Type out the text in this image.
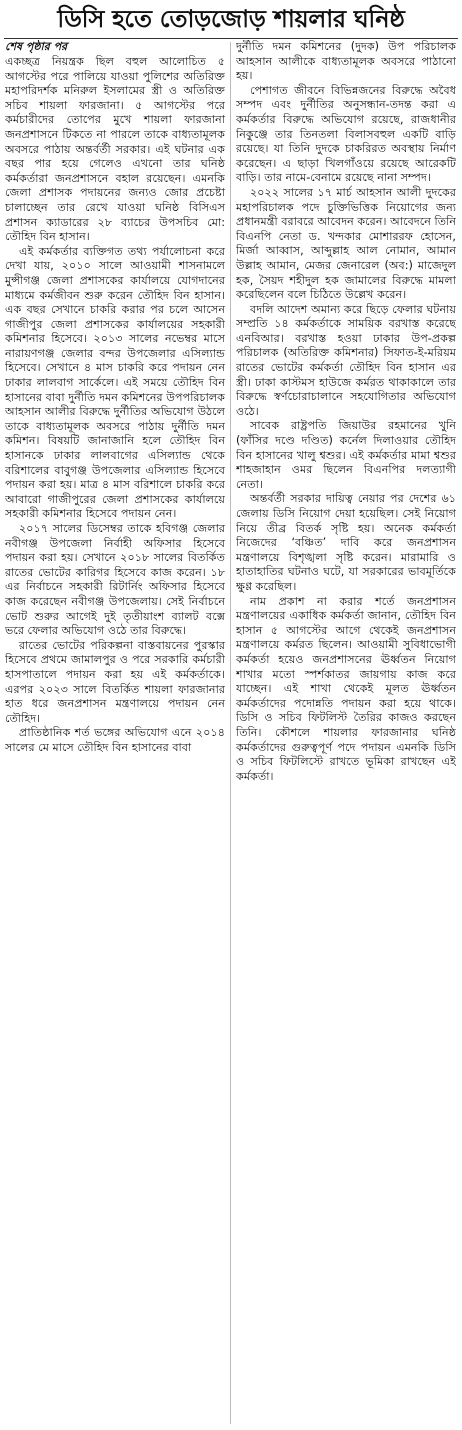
ডিসি হতে তোড়জোড় শায়লার ঘনিষ্ঠ
শেষ পৃষ্ঠার পর

একচ্ছত্র নিয়ন্ত্রক ছিল বহুল আলোচিত ৫ আগস্টের পরে পালিয়ে যাওয়া পুলিশের অতিরিক্ত মহাপরিদর্শক মনিরুল ইসলামের স্ত্রী ও অতিরিক্ত সচিব শায়লা ফারজানা। ৫ আগস্টের পরে কর্মচারীদের তোপের মুখে শায়লা ফারজানা জনপ্রশাসনে টিকতে না পারলে তাকে বাধ্যতামূলক অবসরে পাঠায় অন্তর্বর্তী সরকার। এই ঘটনার এক বছর পার হয়ে গেলেও এখনো তার ঘনিষ্ঠ কর্মকর্তারা জনপ্রশাসনে বহাল রয়েছেন। এমনকি জেলা প্রশাসক পদায়নের জন্যও জোর প্রচেষ্টা চালাচ্ছেন তার রেখে যাওয়া ঘনিষ্ঠ বিসিএস প্রশাসন ক্যাডারের ২৮ ব্যাচের উপসচিব মো: তৌহিদ বিন হাসান।

এই কর্মকর্তার ব্যক্তিগত তথ্য পর্যালোচনা করে দেখা যায়, ২০১০ সালে আওয়ামী শাসনামলে মুন্সীগঞ্জ জেলা প্রশাসকের কার্যালয়ে যোগদানের মাধ্যমে কর্মজীবন শুরু করেন তৌহিদ বিন হাসান। এক বছর সেখানে চাকরি করার পর চলে আসেন গাজীপুর জেলা প্রশাসকের কার্যালয়ের সহকারী কমিশনার হিসেবে। ২০১৩ সালের নভেম্বর মাসে নারায়ণগঞ্জ জেলার বন্দর উপজেলার এসিল্যান্ড হিসেবে। সেখানে ৪ মাস চাকরি করে পদায়ন নেন ঢাকার লালবাগ সার্কেলে। এই সময়ে তৌহিদ বিন হাসানের বাবা দুর্নীতি দমন কমিশনের উপপরিচালক আহসান আলীর বিরুদ্ধে দুর্নীতির অভিযোগ উঠলে তাকে বাধ্যতামূলক অবসরে পাঠায় দুর্নীতি দমন কমিশন। বিষয়টি জানাজানি হলে তৌহিদ বিন হাসানকে ঢাকার লালবাগের এসিল্যান্ড থেকে বরিশালের বাবুগঞ্জ উপজেলার এসিল্যান্ড হিসেবে পদায়ন করা হয়। মাত্র ৪ মাস বরিশালে চাকরি করে আবারো গাজীপুরের জেলা প্রশাসকের কার্যালয়ে সহকারী কমিশনার হিসেবে পদায়ন নেন।

২০১৭ সালের ডিসেম্বর তাকে হবিগঞ্জ জেলার নবীগঞ্জ উপজেলা নির্বাহী অফিসার হিসেবে পদায়ন করা হয়। সেখানে ২০১৮ সালের বিতর্কিত রাতের ভোটের কারিগর হিসেবে কাজ করেন। ১৮ এর নির্বাচনে সহকারী রিটার্নিং অফিসার হিসেবে কাজ করেছেন নবীগঞ্জ উপজেলায়। সেই নির্বাচনে ভোট শুরুর আগেই দুই তৃতীয়াংশ ব্যালট বক্সে ভরে ফেলার অভিযোগ ওঠে তার বিরুদ্ধে।

রাতের ভোটের পরিকল্পনা বাস্তবায়নের পুরস্কার হিসেবে প্রথমে জামালপুর ও পরে সরকারি কর্মচারী হাসপাতালে পদায়ন করা হয় এই কর্মকর্তাকে। এরপর ২০২৩ সালে বিতর্কিত শায়লা ফারজানার হাত ধরে জনপ্রশাসন মন্ত্রণালয়ে পদায়ন নেন তৌহিদ।

প্রাতিষ্ঠানিক শর্ত ভঙ্গের অভিযোগ এনে ২০১৪ সালের মে মাসে তৌহিদ বিন হাসানের বাবা

দুর্নীতি দমন কমিশনের (দুদক) উপ পরিচালক আহসান আলীকে বাধ্যতামূলক অবসরে পাঠানো হয়।

পেশাগত জীবনে বিভিন্নজনের বিরুদ্ধে অবৈধ সম্পদ এবং দুর্নীতির অনুসন্ধান-তদন্ত করা এ কর্মকর্তার বিরুদ্ধে অভিযোগ রয়েছে, রাজধানীর নিকুঞ্জে তার তিনতলা বিলাসবহুল একটি বাড়ি রয়েছে। যা তিনি দুদকে চাকরিরত অবস্থায় নির্মাণ করেছেন। এ ছাড়া খিলগাঁওয়ে রয়েছে আরেকটি বাড়ি। তার নামে-বেনামে রয়েছে নানা সম্পদ।

২০২২ সালের ১৭ মার্চ আহসান আলী দুদকের মহাপরিচালক পদে চুক্তিভিত্তিক নিয়োগের জন্য প্রধানমন্ত্রী বরাবরে আবেদন করেন। আবেদনে তিনি বিএনপি নেতা ড. খন্দকার মোশাররফ হোসেন, মির্জা আব্বাস, আব্দুল্লাহ আল নোমান, আমান উল্লাহ আমান, মেজর জেনারেল (অব:) মাজেদুল হক, সৈয়দ শহীদুল হক জামালের বিরুদ্ধে মামলা করেছিলেন বলে চিঠিতে উল্লেখ করেন।

বদলি আদেশ অমান্য করে ছিড়ে ফেলার ঘটনায় সম্প্রতি ১৪ কর্মকর্তাকে সাময়িক বরখাস্ত করেছে এনবিআর। বরখাস্ত হওয়া ঢাকার উপ-প্রকল্প পরিচালক (অতিরিক্ত কমিশনার) সিফাত-ই-মরিয়ম রাতের ভোটের কর্মকর্তা তৌহিদ বিন হাসান এর স্ত্রী। ঢাকা কাস্টমস হাউজে কর্মরত থাকাকালে তার বিরুদ্ধে স্বর্ণচোরাচালানে সহযোগিতার অভিযোগ ওঠে।

সাবেক রাষ্ট্রপতি জিয়াউর রহমানের খুনি (ফাঁসির দণ্ডে দণ্ডিত) কর্নেল দিলাওয়ার তৌহিদ বিন হাসানের খালু শ্বশুর। এই কর্মকর্তার মামা শ্বশুর শাহজাহান ওমর ছিলেন বিএনপির দলত্যাগী নেতা।

অন্তর্বর্তী সরকার দায়িত্ব নেয়ার পর দেশের ৬১ জেলায় ডিসি নিয়োগ দেয়া হয়েছিল। সেই নিয়োগ নিয়ে তীব্র বিতর্ক সৃষ্টি হয়। অনেক কর্মকর্তা নিজেদের ‘বঞ্চিত’ দাবি করে জনপ্রশাসন মন্ত্রণালয়ে বিশৃঙ্খলা সৃষ্টি করেন। মারামারি ও হাতাহাতির ঘটনাও ঘটে, যা সরকারের ভাবমূর্তিকে ক্ষুণ্ণ করেছিল।

নাম প্রকাশ না করার শর্তে জনপ্রশাসন মন্ত্রণালয়ের একাধিক কর্মকর্তা জানান, তৌহিদ বিন হাসান ৫ আগস্টের আগে থেকেই জনপ্রশাসন মন্ত্রণালয়ে কর্মরত ছিলেন। আওয়ামী সুবিধাভোগী কর্মকর্তা হয়েও জনপ্রশাসনের ঊর্ধ্বতন নিয়োগ শাখার মতো স্পর্শকাতর জায়গায় কাজ করে যাচ্ছেন। এই শাখা থেকেই মূলত ঊর্ধ্বতন কর্মকর্তাদের পদোন্নতি পদায়ন করা হয়ে থাকে। ডিসি ও সচিব ফিটলিস্ট তৈরির কাজও করছেন তিনি। কৌশলে শায়লার ফারজানার ঘনিষ্ঠ কর্মকর্তাদের গুরুত্বপূর্ণ পদে পদায়ন এমনকি ডিসি ও সচিব ফিটলিস্টে রাখতে ভূমিকা রাখছেন এই কর্মকর্তা।
